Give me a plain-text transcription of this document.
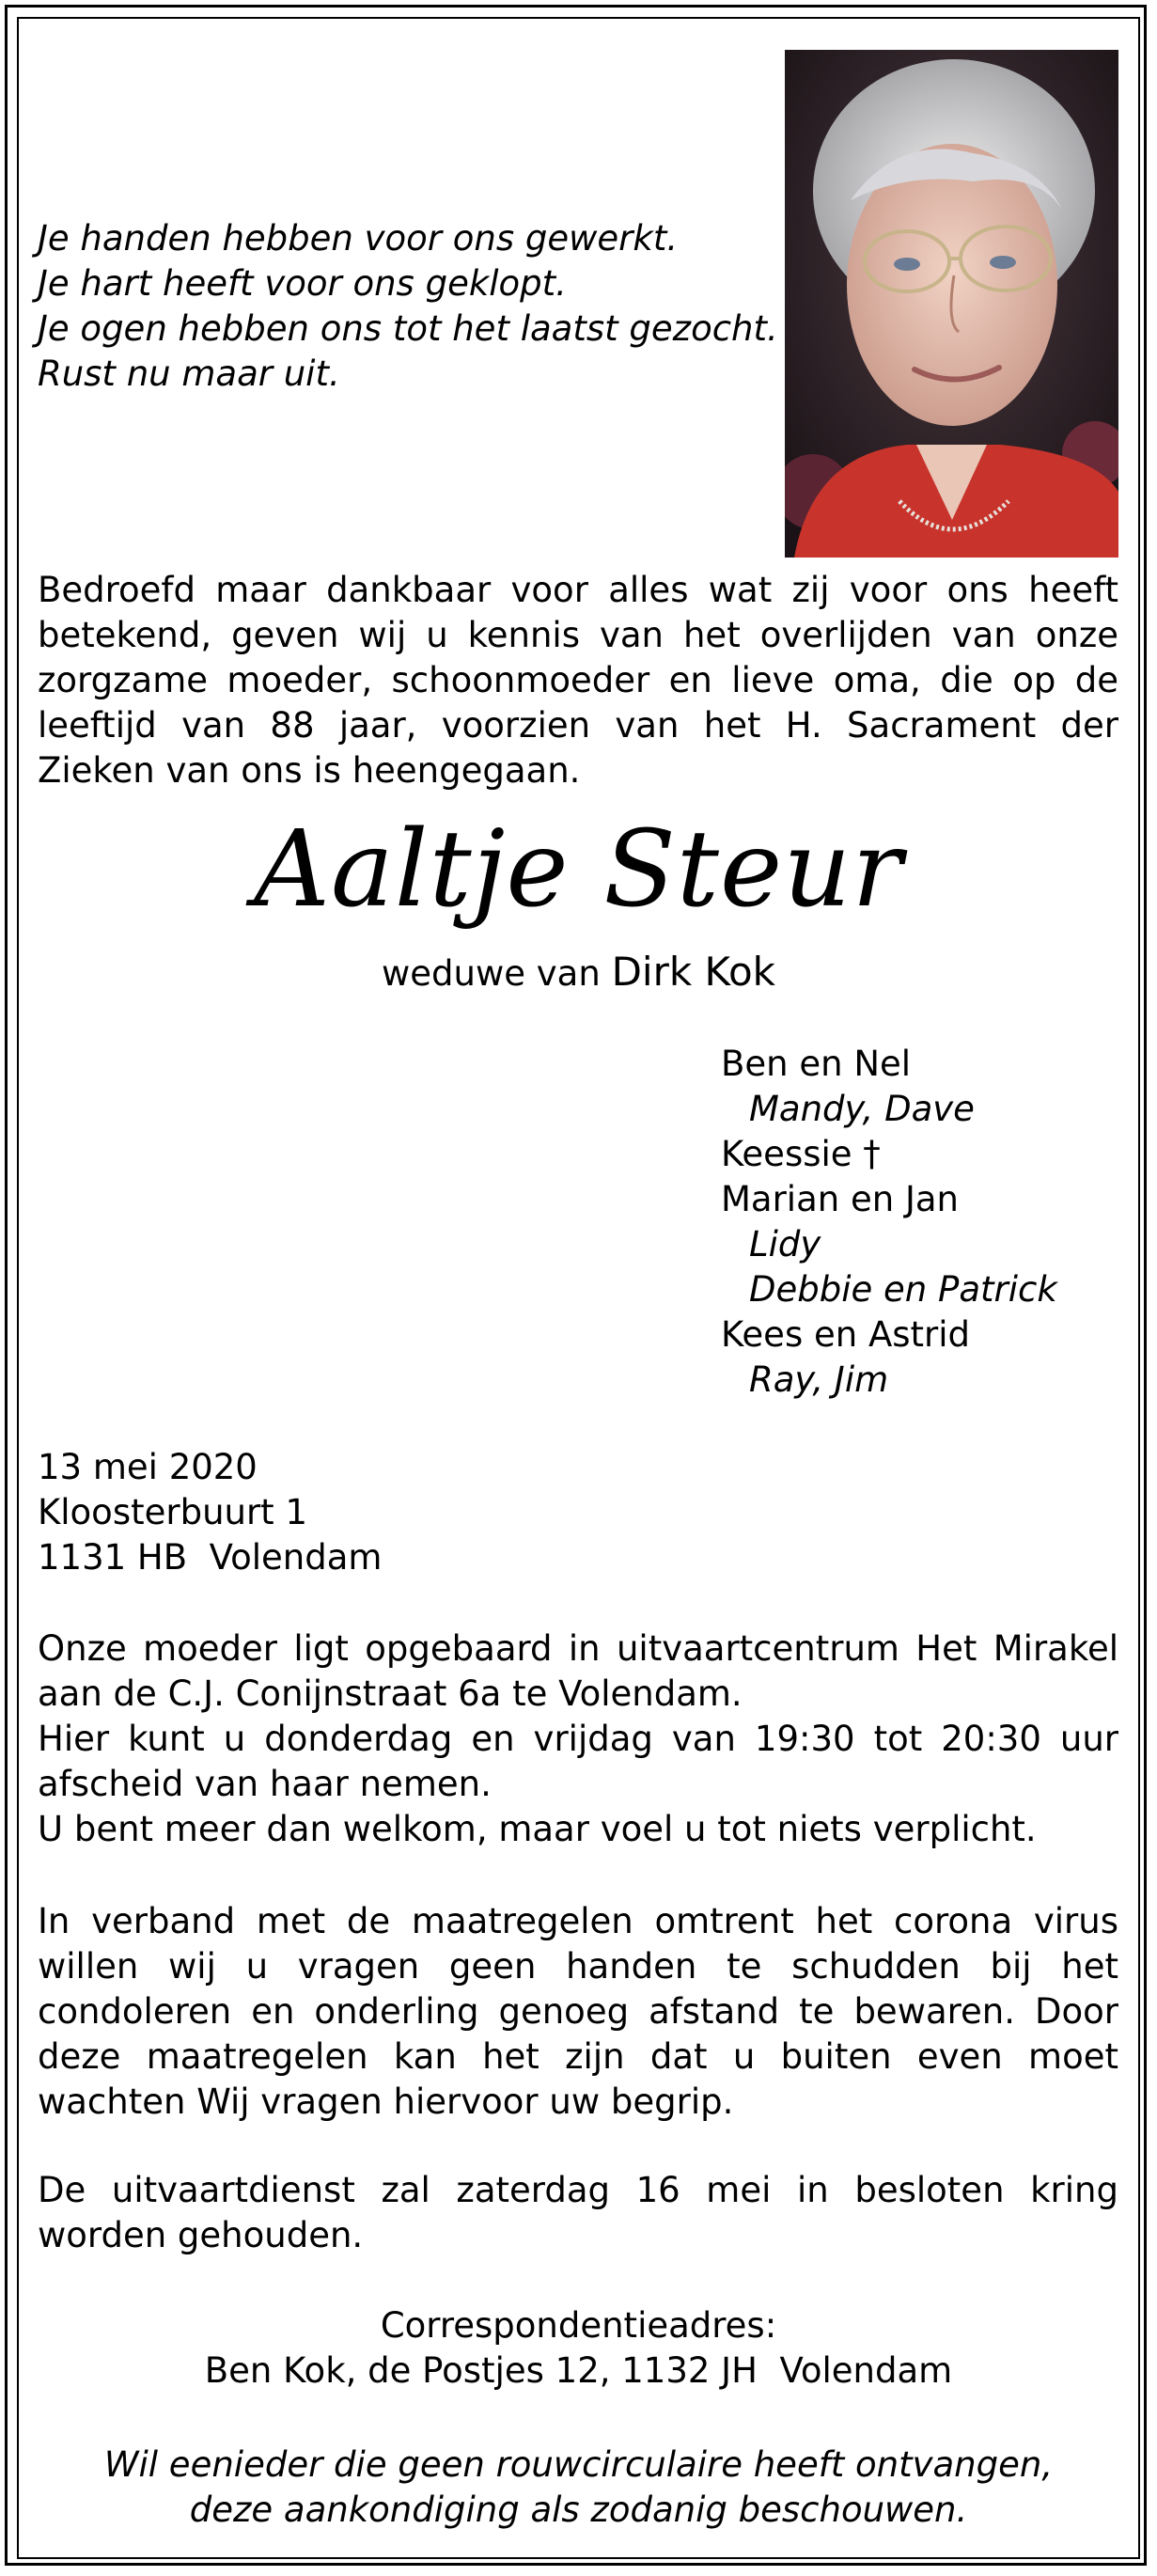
Je handen hebben voor ons gewerkt.
Je hart heeft voor ons geklopt.
Je ogen hebben ons tot het laatst gezocht.
Rust nu maar uit.
Bedroefd maar dankbaar voor alles wat zij voor ons heeft betekend, geven wij u kennis van het overlijden van onze zorgzame moeder, schoonmoeder en lieve oma, die op de leeftijd van 88 jaar, voorzien van het H. Sacrament der Zieken van ons is heengegaan.
Aaltje Steur
weduwe van Dirk Kok
Ben en Nel
Mandy, Dave
Keessie †
Marian en Jan
Lidy
Debbie en Patrick
Kees en Astrid
Ray, Jim
13 mei 2020
Kloosterbuurt 1
1131 HB  Volendam
Onze moeder ligt opgebaard in uitvaartcentrum Het Mirakel aan de C.J. Conijnstraat 6a te Volendam.
Hier kunt u donderdag en vrijdag van 19:30 tot 20:30 uur afscheid van haar nemen.
U bent meer dan welkom, maar voel u tot niets verplicht.
In verband met de maatregelen omtrent het corona virus willen wij u vragen geen handen te schudden bij het condoleren en onderling genoeg afstand te bewaren. Door deze maatregelen kan het zijn dat u buiten even moet wachten Wij vragen hiervoor uw begrip.
De uitvaartdienst zal zaterdag 16 mei in besloten kring worden gehouden.
Correspondentieadres:
Ben Kok, de Postjes 12, 1132 JH  Volendam
Wil eenieder die geen rouwcirculaire heeft ontvangen,
deze aankondiging als zodanig beschouwen.
